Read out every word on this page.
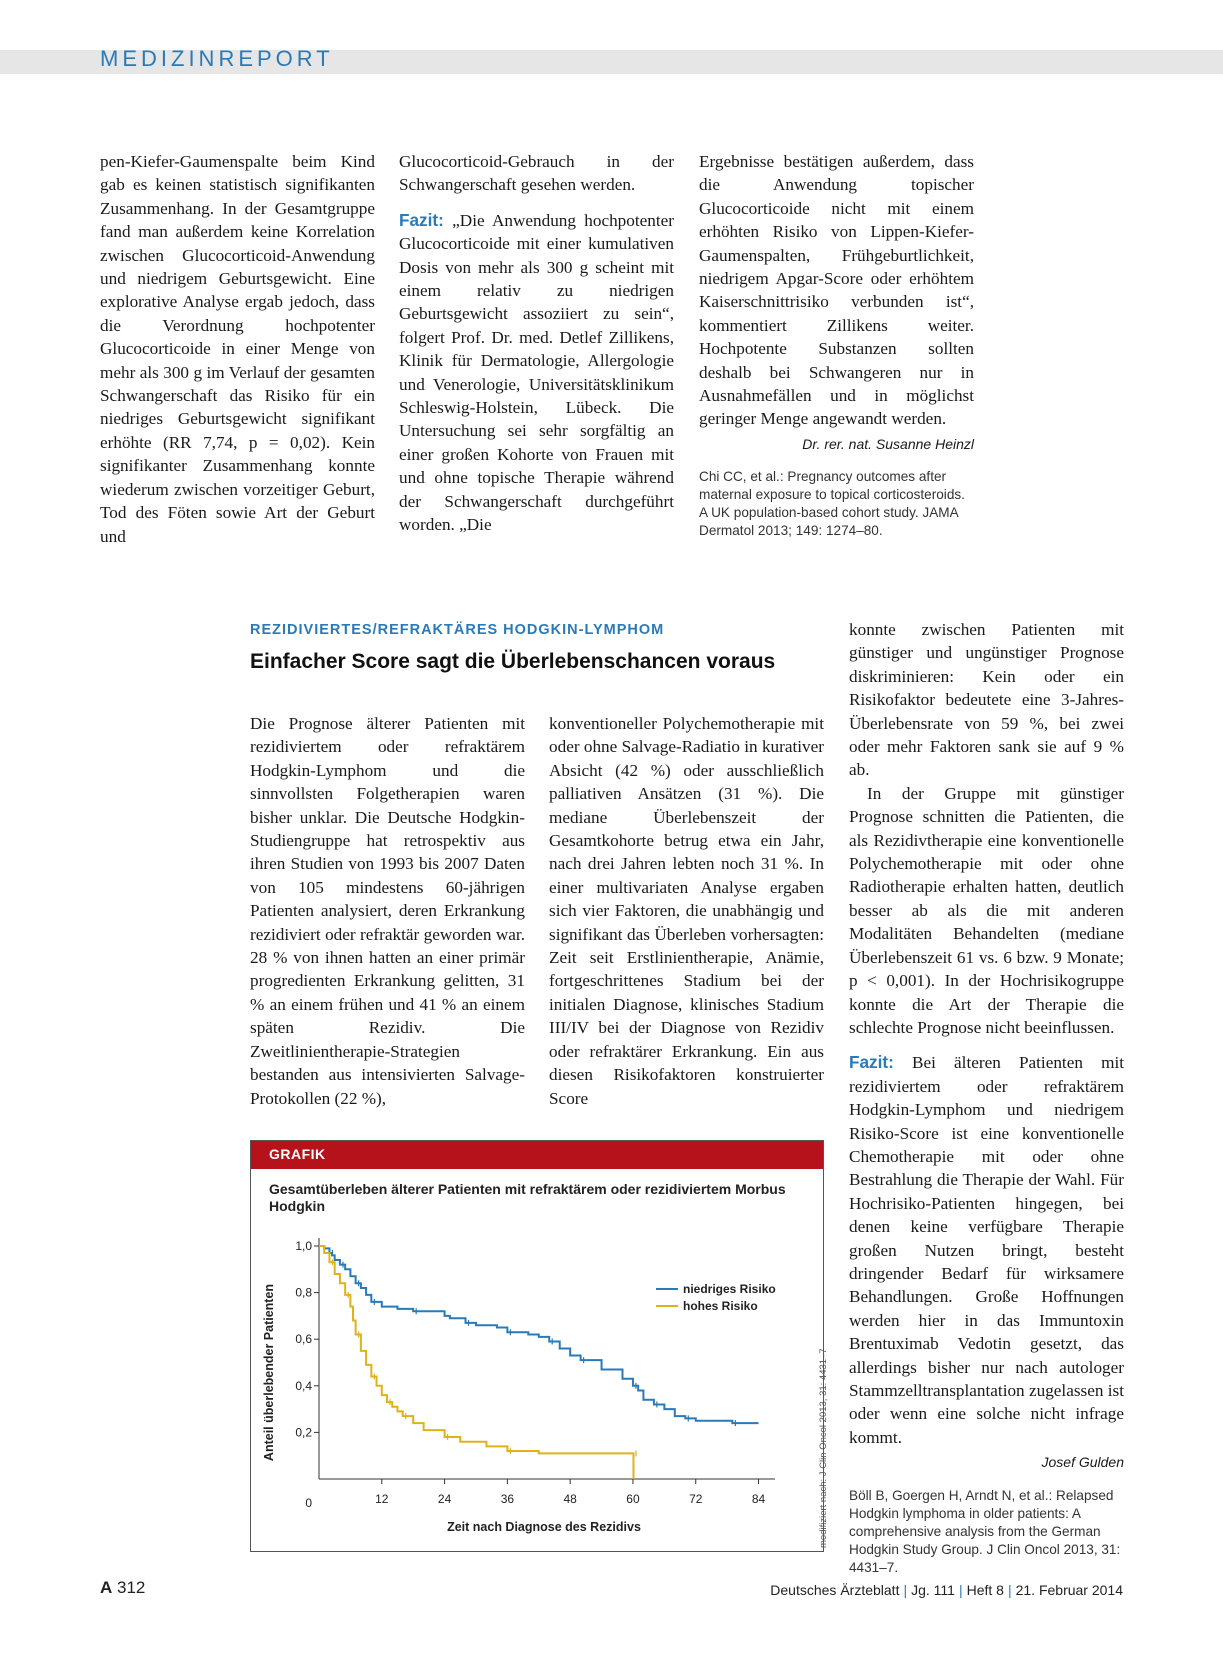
MEDIZINREPORT

pen-Kiefer-Gaumenspalte beim Kind gab es keinen statistisch signifikanten Zusammenhang. In der Gesamtgruppe fand man außerdem keine Korrelation zwischen Glucocorticoid-Anwendung und niedrigem Geburtsgewicht. Eine explorative Analyse ergab jedoch, dass die Verordnung hochpotenter Glucocorticoide in einer Menge von mehr als 300 g im Verlauf der gesamten Schwangerschaft das Risiko für ein niedriges Geburtsgewicht signifikant erhöhte (RR 7,74, p = 0,02). Kein signifikanter Zusammenhang konnte wiederum zwischen vorzeitiger Geburt, Tod des Föten sowie Art der Geburt und

Glucocorticoid-Gebrauch in der Schwangerschaft gesehen werden.

Fazit: „Die Anwendung hochpotenter Glucocorticoide mit einer kumulativen Dosis von mehr als 300 g scheint mit einem relativ zu niedrigen Geburtsgewicht assoziiert zu sein“, folgert Prof. Dr. med. Detlef Zillikens, Klinik für Dermatologie, Allergologie und Venerologie, Universitätsklinikum Schleswig-Holstein, Lübeck. Die Untersuchung sei sehr sorgfältig an einer großen Kohorte von Frauen mit und ohne topische Therapie während der Schwangerschaft durchgeführt worden. „Die

Ergebnisse bestätigen außerdem, dass die Anwendung topischer Glucocorticoide nicht mit einem erhöhten Risiko von Lippen-Kiefer-Gaumenspalten, Frühgeburtlichkeit, niedrigem Apgar-Score oder erhöhtem Kaiserschnittrisiko verbunden ist“, kommentiert Zillikens weiter. Hochpotente Substanzen sollten deshalb bei Schwangeren nur in Ausnahmefällen und in möglichst geringer Menge angewandt werden.

Dr. rer. nat. Susanne Heinzl
Chi CC, et al.: Pregnancy outcomes after maternal exposure to topical corticosteroids. A UK population-based cohort study. JAMA Dermatol 2013; 149: 1274–80.
REZIDIVIERTES/REFRAKTÄRES HODGKIN-LYMPHOM
Einfacher Score sagt die Überlebenschancen voraus

Die Prognose älterer Patienten mit rezidiviertem oder refraktärem Hodgkin-Lymphom und die sinnvollsten Folgetherapien waren bisher unklar. Die Deutsche Hodgkin-Studiengruppe hat retrospektiv aus ihren Studien von 1993 bis 2007 Daten von 105 mindestens 60-jährigen Patienten analysiert, deren Erkrankung rezidiviert oder refraktär geworden war. 28 % von ihnen hatten an einer primär progredienten Erkrankung gelitten, 31 % an einem frühen und 41 % an einem späten Rezidiv. Die Zweitlinientherapie-Strategien bestanden aus intensivierten Salvage-Protokollen (22 %),

konventioneller Polychemotherapie mit oder ohne Salvage-Radiatio in kurativer Absicht (42 %) oder ausschließlich palliativen Ansätzen (31 %). Die mediane Überlebenszeit der Gesamtkohorte betrug etwa ein Jahr, nach drei Jahren lebten noch 31 %. In einer multivariaten Analyse ergaben sich vier Faktoren, die unabhängig und signifikant das Überleben vorhersagten: Zeit seit Erstlinientherapie, Anämie, fortgeschrittenes Stadium bei der initialen Diagnose, klinisches Stadium III/IV bei der Diagnose von Rezidiv oder refraktärer Erkrankung. Ein aus diesen Risikofaktoren konstruierter Score

konnte zwischen Patienten mit günstiger und ungünstiger Prognose diskriminieren: Kein oder ein Risikofaktor bedeutete eine 3-Jahres-Überlebensrate von 59 %, bei zwei oder mehr Faktoren sank sie auf 9 % ab.

In der Gruppe mit günstiger Prognose schnitten die Patienten, die als Rezidivtherapie eine konventionelle Polychemotherapie mit oder ohne Radiotherapie erhalten hatten, deutlich besser ab als die mit anderen Modalitäten Behandelten (mediane Überlebenszeit 61 vs. 6 bzw. 9 Monate; p < 0,001). In der Hochrisikogruppe konnte die Art der Therapie die schlechte Prognose nicht beeinflussen.

Fazit: Bei älteren Patienten mit rezidiviertem oder refraktärem Hodgkin-Lymphom und niedrigem Risiko-Score ist eine konventionelle Chemotherapie mit oder ohne Bestrahlung die Therapie der Wahl. Für Hochrisiko-Patienten hingegen, bei denen keine verfügbare Therapie großen Nutzen bringt, besteht dringender Bedarf für wirksamere Behandlungen. Große Hoffnungen werden hier in das Immuntoxin Brentuximab Vedotin gesetzt, das allerdings bisher nur nach autologer Stammzelltransplantation zugelassen ist oder wenn eine solche nicht infrage kommt.

Josef Gulden
Böll B, Goergen H, Arndt N, et al.: Relapsed Hodgkin lymphoma in older patients: A comprehensive analysis from the German Hodgkin Study Group. J Clin Oncol 2013, 31: 4431–7.
GRAFIK
Gesamtüberleben älterer Patienten mit refraktärem oder rezidiviertem Morbus Hodgkin
0
0,2
0,4
0,6
0,8
1,0
12	24	36	48	60	72	84
Zeit nach Diagnose des Rezidivs
Anteil überlebender Patienten	niedriges Risiko
hohes Risiko
modifiziert nach: J Clin Oncol 2013, 31: 4431–7
A 312	Deutsches Ärzteblatt | Jg. 111 | Heft 8 | 21. Februar 2014
